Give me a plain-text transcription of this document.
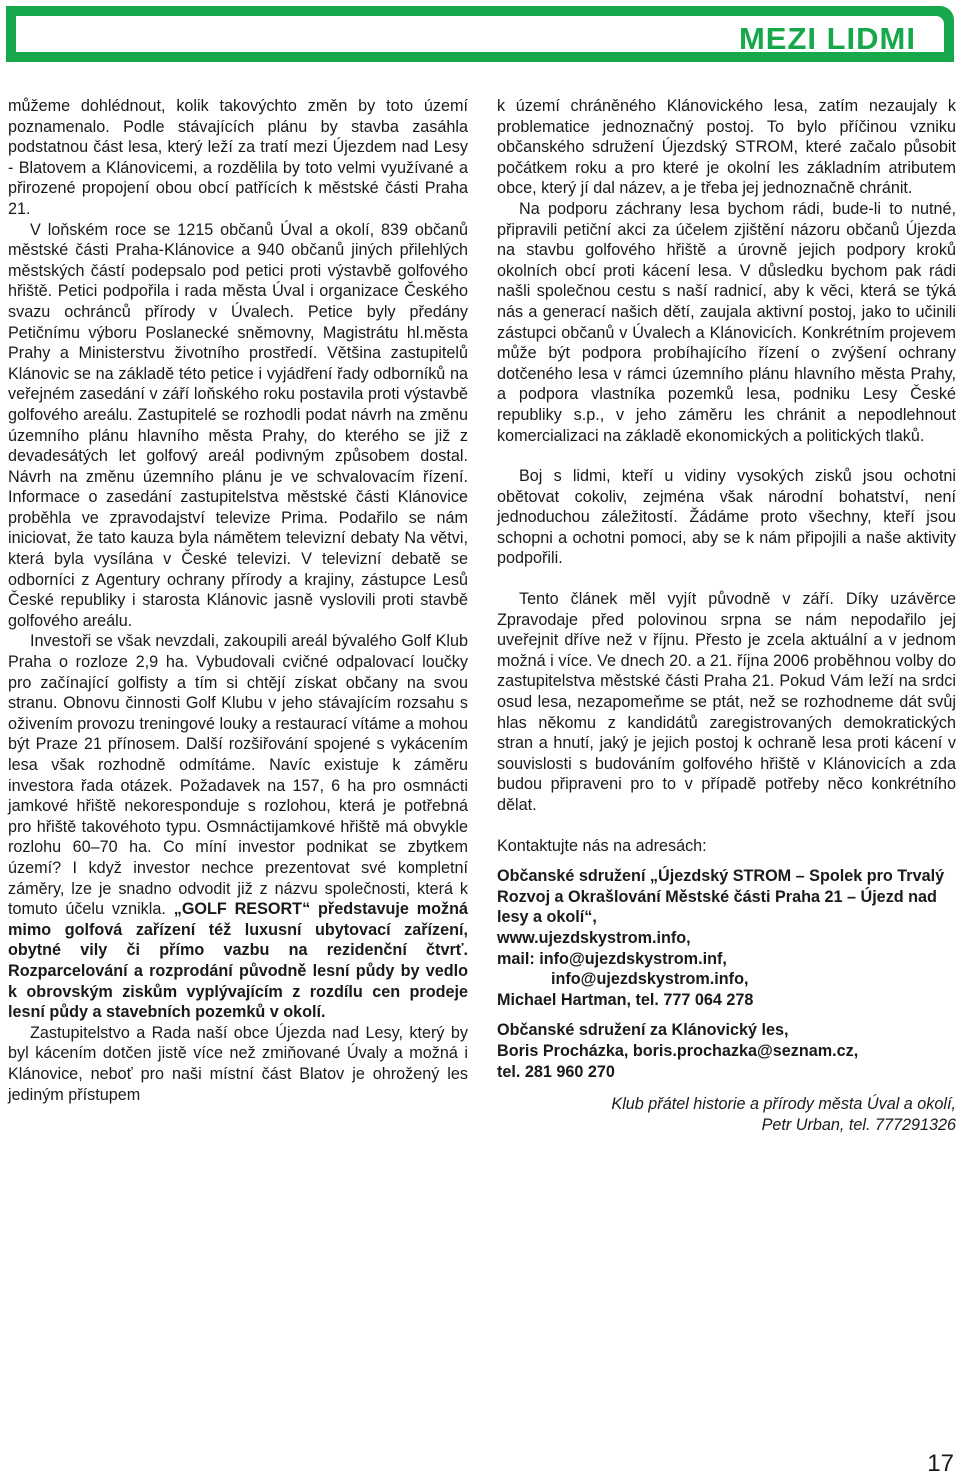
MEZI LIDMI

můžeme dohlédnout, kolik takovýchto změn by toto území poznamenalo. Podle stávajících plánu by stavba zasáhla podstatnou část lesa, který leží za tratí mezi Újezdem nad Lesy - Blatovem a Klánovicemi, a rozdělila by toto velmi využívané a přirozené propojení obou obcí patřících k městské části Praha 21.

V loňském roce se 1215 občanů Úval a okolí, 839 občanů městské části Praha-Klánovice a 940 občanů jiných přilehlých městských částí podepsalo pod petici proti výstavbě golfového hřiště. Petici podpořila i rada města Úval i organizace Českého svazu ochránců přírody v Úvalech. Petice byly předány Petičnímu výboru Poslanecké sněmovny, Magistrátu hl.města Prahy a Ministerstvu životního prostředí. Většina zastupitelů Klánovic se na základě této petice i vyjádření řady odborníků na veřejném zasedání v září loňského roku postavila proti výstavbě golfového areálu. Zastupitelé se rozhodli podat návrh na změnu územního plánu hlavního města Prahy, do kterého se již z devadesátých let golfový areál podivným způsobem dostal. Návrh na změnu územního plánu je ve schvalovacím řízení. Informace o zasedání zastupitelstva městské části Klánovice proběhla ve zpravodajství televize Prima. Podařilo se nám iniciovat, že tato kauza byla námětem televizní debaty Na větvi, která byla vysílána v České televizi. V televizní debatě se odborníci z Agentury ochrany přírody a krajiny, zástupce Lesů České republiky i starosta Klánovic jasně vyslovili proti stavbě golfového areálu.

Investoři se však nevzdali, zakoupili areál bývalého Golf Klub Praha o rozloze 2,9 ha. Vybudovali cvičné odpalovací loučky pro začínající golfisty a tím si chtějí získat občany na svou stranu. Obnovu činnosti Golf Klubu v jeho stávajícím rozsahu s oživením provozu treningové louky a restaurací vítáme a mohou být Praze 21 přínosem. Další rozšiřování spojené s vykácením lesa však rozhodně odmítáme. Navíc existuje k záměru investora řada otázek. Požadavek na 157, 6 ha pro osmnácti jamkové hřiště nekoresponduje s rozlohou, která je potřebná pro hřiště takovéhoto typu. Osmnáctijamkové hřiště má obvykle rozlohu 60–70 ha. Co míní investor podnikat se zbytkem území? I když investor nechce prezentovat své kompletní záměry, lze je snadno odvodit již z názvu společnosti, která k tomuto účelu vznikla. „GOLF RESORT“ představuje možná mimo golfová zařízení též luxusní ubytovací zařízení, obytné vily či přímo vazbu na rezidenční čtvrť. Rozparcelování a rozprodání původně lesní půdy by vedlo k obrovským ziskům vyplývajícím z rozdílu cen prodeje lesní půdy a stavebních pozemků v okolí.

Zastupitelstvo a Rada naší obce Újezda nad Lesy, který by byl kácením dotčen jistě více než zmiňované Úvaly a možná i Klánovice, neboť pro naši místní část Blatov je ohrožený les jediným přístupem

k území chráněného Klánovického lesa, zatím nezaujaly k problematice jednoznačný postoj. To bylo příčinou vzniku občanského sdružení Újezdský STROM, které začalo působit počátkem roku a pro které je okolní les základním atributem obce, který jí dal název, a je třeba jej jednoznačně chránit.

Na podporu záchrany lesa bychom rádi, bude-li to nutné, připravili petiční akci za účelem zjištění názoru občanů Újezda na stavbu golfového hřiště a úrovně jejich podpory kroků okolních obcí proti kácení lesa. V důsledku bychom pak rádi našli společnou cestu s naší radnicí, aby k věci, která se týká nás a generací našich dětí, zaujala aktivní postoj, jako to učinili zástupci občanů v Úvalech a Klánovicích. Konkrétním projevem může být podpora probíhajícího řízení o zvýšení ochrany dotčeného lesa v rámci územního plánu hlavního města Prahy, a podpora vlastníka pozemků lesa, podniku Lesy České republiky s.p., v jeho záměru les chránit a nepodlehnout komercializaci na základě ekonomických a politických tlaků.

Boj s lidmi, kteří u vidiny vysokých zisků jsou ochotni obětovat cokoliv, zejména však národní bohatství, není jednoduchou záležitostí. Žádáme proto všechny, kteří jsou schopni a ochotni pomoci, aby se k nám připojili a naše aktivity podpořili.

Tento článek měl vyjít původně v září. Díky uzávěrce Zpravodaje před polovinou srpna se nám nepodařilo jej uveřejnit dříve než v říjnu. Přesto je zcela aktuální a v jednom možná i více. Ve dnech 20. a 21. října 2006 proběhnou volby do zastupitelstva městské části Praha 21. Pokud Vám leží na srdci osud lesa, nezapomeňme se ptát, než se rozhodneme dát svůj hlas někomu z kandidátů zaregistrovaných demokratických stran a hnutí, jaký je jejich postoj k ochraně lesa proti kácení v souvislosti s budováním golfového hřiště v Klánovicích a zda budou připraveni pro to v případě potřeby něco konkrétního dělat.

Kontaktujte nás na adresách:

Občanské sdružení „Újezdský STROM – Spolek pro Trvalý Rozvoj a Okrašlování Městské části Praha 21 – Újezd nad lesy a okolí“,

www.ujezdskystrom.info,

mail: info@ujezdskystrom.inf,

info@ujezdskystrom.info,

Michael Hartman, tel. 777 064 278

Občanské sdružení za Klánovický les,

Boris Procházka, boris.prochazka@seznam.cz,

tel. 281 960 270

Klub přátel historie a přírody města Úval a okolí,

Petr Urban, tel. 777291326

17
